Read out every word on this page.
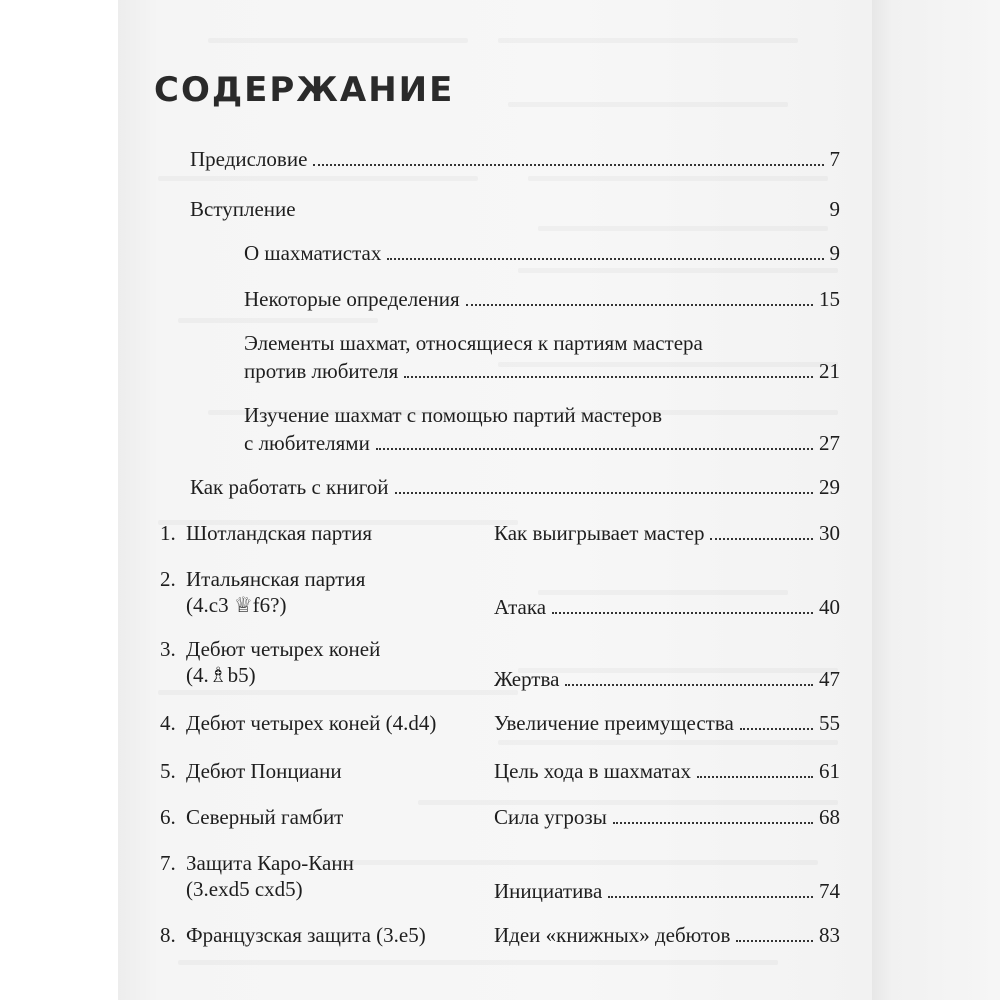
СОДЕРЖАНИЕ
Предисловие	7
Вступление	9
О шахматистах	9
Некоторые определения	15
Элементы шахмат, относящиеся к партиям мастера
против любителя	21
Изучение шахмат с помощью партий мастеров
с любителями	27
Как работать с книгой	29
1. Шотландская партия	Как выигрывает мастер	30
2. Итальянская партия
(4.c3 ♕f6?)	Атака	40
3. Дебют четырех коней
(4.♗b5)	Жертва	47
4. Дебют четырех коней (4.d4)	Увеличение преимущества	55
5. Дебют Понциани	Цель хода в шахматах	61
6. Северный гамбит	Сила угрозы	68
7. Защита Каро-Канн
(3.exd5 cxd5)	Инициатива	74
8. Французская защита (3.e5)	Идеи «книжных» дебютов	83
